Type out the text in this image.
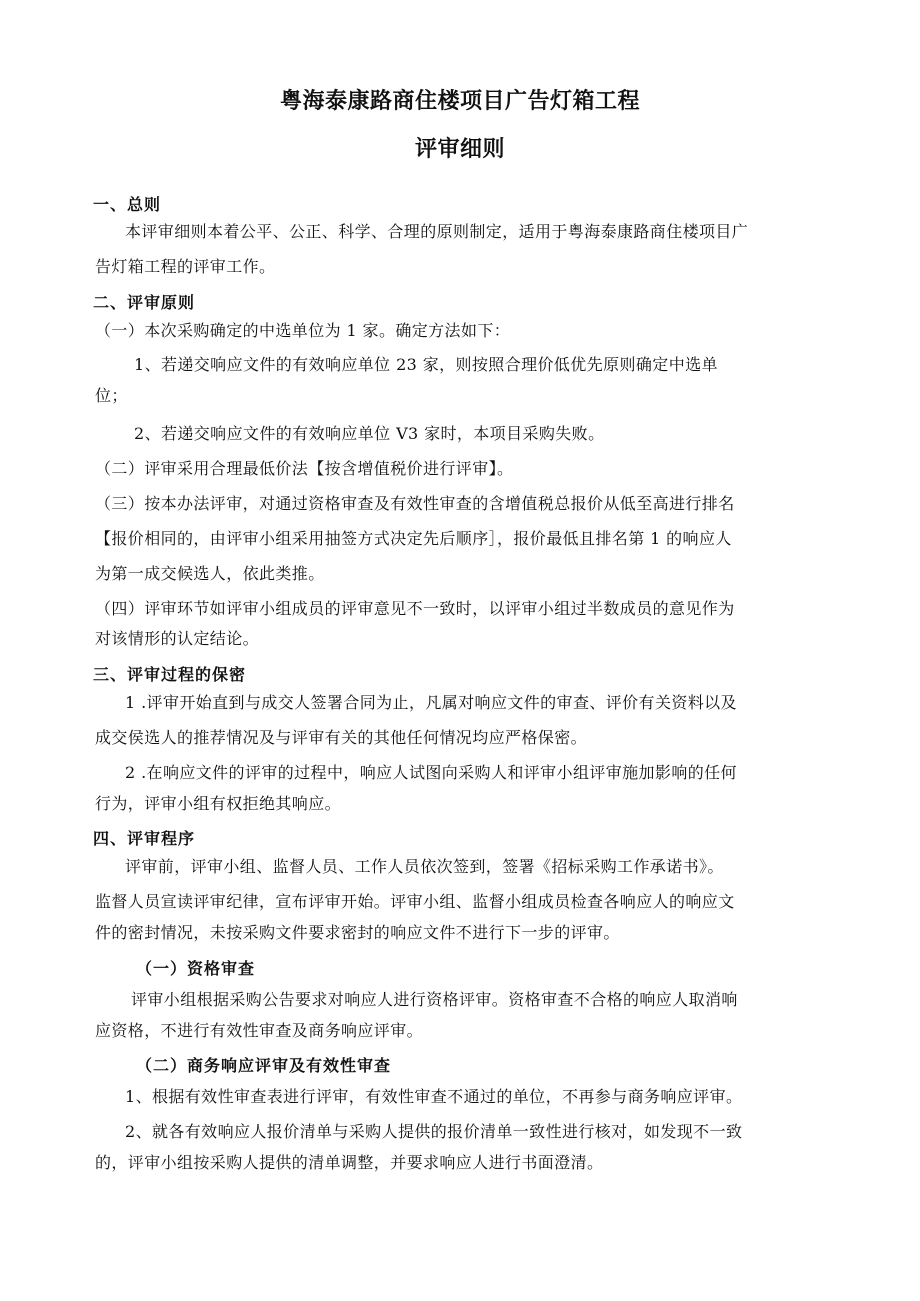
粤海泰康路商住楼项目广告灯箱工程
评审细则
一、总则
本评审细则本着公平、公正、科学、合理的原则制定，适用于粤海泰康路商住楼项目广
告灯箱工程的评审工作。
二、评审原则
（一）本次采购确定的中选单位为 1 家。确定方法如下：
1、若递交响应文件的有效响应单位 23 家，则按照合理价低优先原则确定中选单
位；
2、若递交响应文件的有效响应单位 V3 家时，本项目采购失败。
（二）评审采用合理最低价法【按含增值税价进行评审】。
（三）按本办法评审，对通过资格审查及有效性审查的含增值税总报价从低至高进行排名
【报价相同的，由评审小组采用抽签方式决定先后顺序］，报价最低且排名第 1 的响应人
为第一成交候选人，依此类推。
（四）评审环节如评审小组成员的评审意见不一致时，以评审小组过半数成员的意见作为
对该情形的认定结论。
三、评审过程的保密
1 .评审开始直到与成交人签署合同为止，凡属对响应文件的审查、评价有关资料以及
成交侯选人的推荐情况及与评审有关的其他任何情况均应严格保密。
2 .在响应文件的评审的过程中，响应人试图向采购人和评审小组评审施加影响的任何
行为，评审小组有权拒绝其响应。
四、评审程序
评审前，评审小组、监督人员、工作人员依次签到，签署《招标采购工作承诺书》。
监督人员宣读评审纪律，宣布评审开始。评审小组、监督小组成员检查各响应人的响应文
件的密封情况，未按采购文件要求密封的响应文件不进行下一步的评审。
（一）资格审查
评审小组根据采购公告要求对响应人进行资格评审。资格审查不合格的响应人取消响
应资格，不进行有效性审查及商务响应评审。
（二）商务响应评审及有效性审查
1、根据有效性审查表进行评审，有效性审查不通过的单位，不再参与商务响应评审。
2、就各有效响应人报价清单与采购人提供的报价清单一致性进行核对，如发现不一致
的，评审小组按采购人提供的清单调整，并要求响应人进行书面澄清。
